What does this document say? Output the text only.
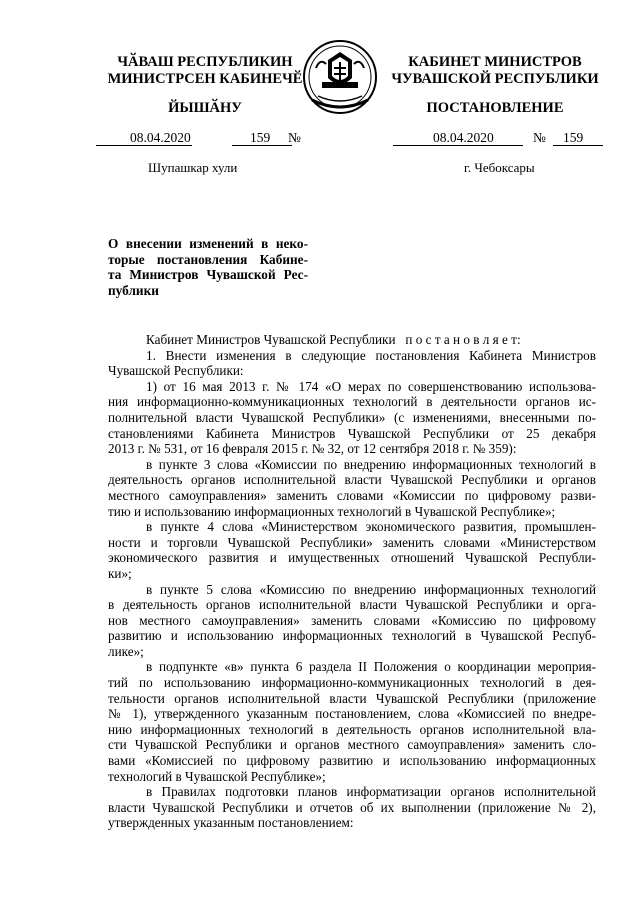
ЧӐВАШ РЕСПУБЛИКИН
МИНИСТРСЕН КАБИНЕЧӖ
КАБИНЕТ МИНИСТРОВ
ЧУВАШСКОЙ РЕСПУБЛИКИ
ЙЫШӐНУ	ПОСТАНОВЛЕНИЕ
08.04.2020	159 №	08.04.2020	№ 159
Шупашкар хули	г. Чебоксары
О внесении изменений в неко-
торые постановления Кабине-
та Министров Чувашской Рес-
публики
Кабинет Министров Чувашской Республики п о с т а н о в л я е т:
1. Внести изменения в следующие постановления Кабинета Министров
Чувашской Республики:
1) от 16 мая 2013 г. № 174 «О мерах по совершенствованию использова-
ния информационно-коммуникационных технологий в деятельности органов ис-
полнительной власти Чувашской Республики» (с изменениями, внесенными по-
становлениями Кабинета Министров Чувашской Республики от 25 декабря
2013 г. № 531, от 16 февраля 2015 г. № 32, от 12 сентября 2018 г. № 359):
в пункте 3 слова «Комиссии по внедрению информационных технологий в
деятельность органов исполнительной власти Чувашской Республики и органов
местного самоуправления» заменить словами «Комиссии по цифровому разви-
тию и использованию информационных технологий в Чувашской Республике»;
в пункте 4 слова «Министерством экономического развития, промышлен-
ности и торговли Чувашской Республики» заменить словами «Министерством
экономического развития и имущественных отношений Чувашской Республи-
ки»;
в пункте 5 слова «Комиссию по внедрению информационных технологий
в деятельность органов исполнительной власти Чувашской Республики и орга-
нов местного самоуправления» заменить словами «Комиссию по цифровому
развитию и использованию информационных технологий в Чувашской Респуб-
лике»;
в подпункте «в» пункта 6 раздела II Положения о координации мероприя-
тий по использованию информационно-коммуникационных технологий в дея-
тельности органов исполнительной власти Чувашской Республики (приложение
№ 1), утвержденного указанным постановлением, слова «Комиссией по внедре-
нию информационных технологий в деятельность органов исполнительной вла-
сти Чувашской Республики и органов местного самоуправления» заменить сло-
вами «Комиссией по цифровому развитию и использованию информационных
технологий в Чувашской Республике»;
в Правилах подготовки планов информатизации органов исполнительной
власти Чувашской Республики и отчетов об их выполнении (приложение № 2),
утвержденных указанным постановлением:
